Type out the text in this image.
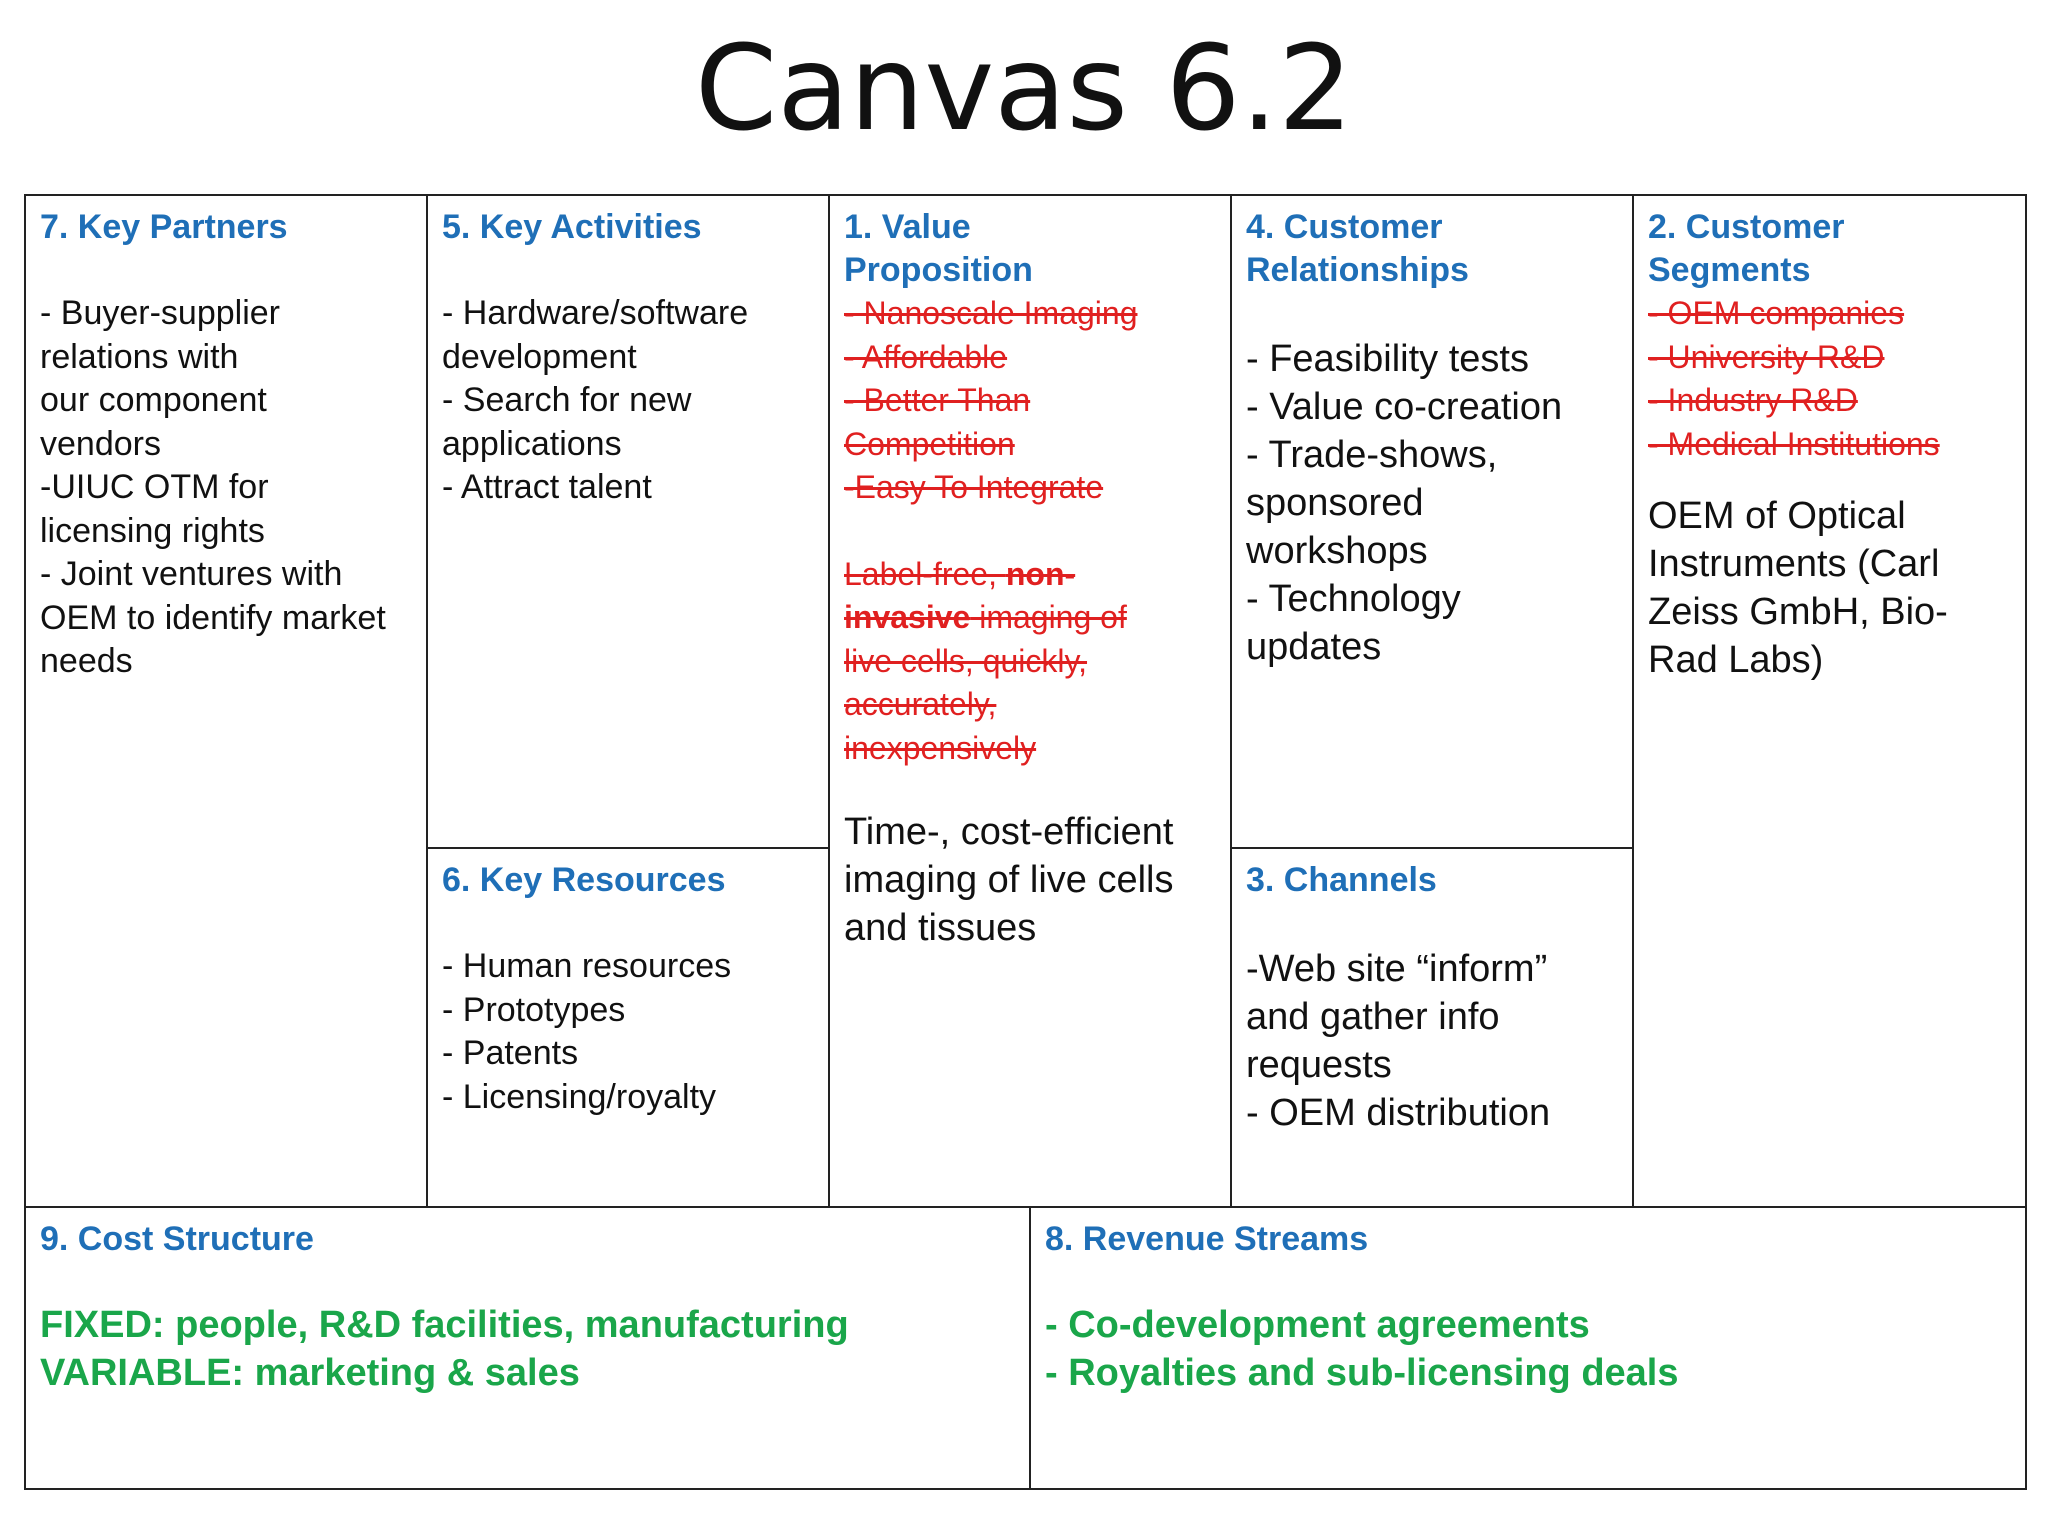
Canvas 6.2
7. Key Partners
- Buyer-supplier
relations with
our component
vendors
-UIUC OTM for
licensing rights
- Joint ventures with
OEM to identify market
needs
5. Key Activities
- Hardware/software
development
- Search for new
applications
- Attract talent
6. Key Resources
- Human resources
- Prototypes
- Patents
- Licensing/royalty
1. Value
Proposition
- Nanoscale Imaging
- Affordable
- Better Than
Competition
-Easy To Integrate
Label-free, non-
invasive imaging of
live cells, quickly,
accurately,
inexpensively
Time-, cost-efficient
imaging of live cells
and tissues
4. Customer
Relationships
- Feasibility tests
- Value co-creation
- Trade-shows,
sponsored
workshops
- Technology
updates
3. Channels
-Web site “inform”
and gather info
requests
- OEM distribution
2. Customer
Segments
- OEM companies
- University R&D
- Industry R&D
- Medical Institutions
OEM of Optical
Instruments (Carl
Zeiss GmbH, Bio-
Rad Labs)
9. Cost Structure
FIXED: people, R&D facilities, manufacturing
VARIABLE: marketing & sales
8. Revenue Streams
- Co-development agreements
- Royalties and sub-licensing deals
